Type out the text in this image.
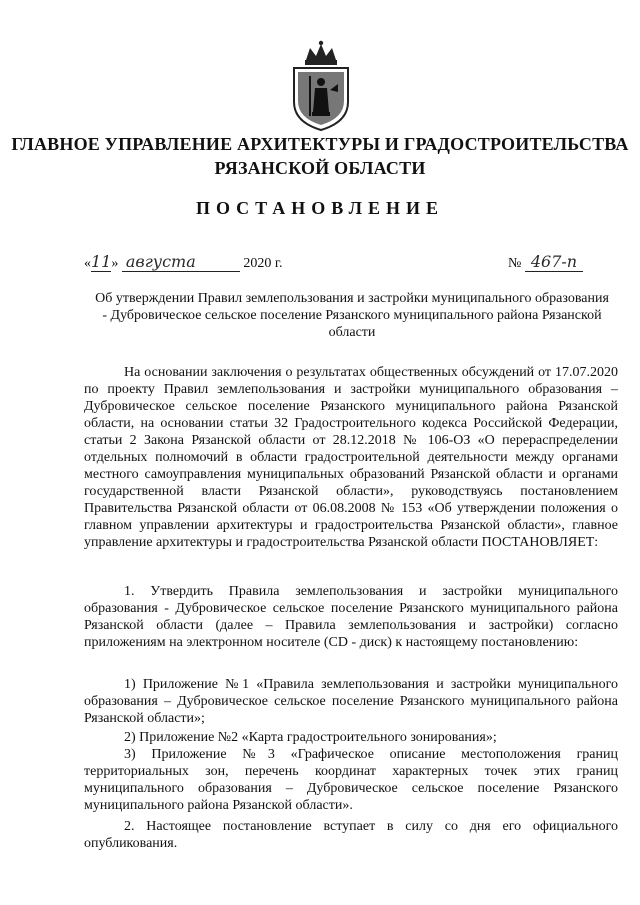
ГЛАВНОЕ УПРАВЛЕНИЕ АРХИТЕКТУРЫ И ГРАДОСТРОИТЕЛЬСТВА
РЯЗАНСКОЙ ОБЛАСТИ
ПОСТАНОВЛЕНИЕ
«11» августа	2020 г.	№ 467-п
Об утверждении Правил землепользования и застройки муниципального образования - Дубровическое сельское поселение Рязанского муниципального района Рязанской области

На основании заключения о результатах общественных обсуждений от 17.07.2020 по проекту Правил землепользования и застройки муниципального образования – Дубровическое сельское поселение Рязанского муниципального района Рязанской области, на основании статьи 32 Градостроительного кодекса Российской Федерации, статьи 2 Закона Рязанской области от 28.12.2018 № 106-ОЗ «О перераспределении отдельных полномочий в области градостроительной деятельности между органами местного самоуправления муниципальных образований Рязанской области и органами государственной власти Рязанской области», руководствуясь постановлением Правительства Рязанской области от 06.08.2008 № 153 «Об утверждении положения о главном управлении архитектуры и градостроительства Рязанской области», главное управление архитектуры и градостроительства Рязанской области ПОСТАНОВЛЯЕТ:

1. Утвердить Правила землепользования и застройки муниципального образования - Дубровическое сельское поселение Рязанского муниципального района Рязанской области (далее – Правила землепользования и застройки) согласно приложениям на электронном носителе (CD - диск) к настоящему постановлению:

1) Приложение №1 «Правила землепользования и застройки муниципального образования – Дубровическое сельское поселение Рязанского муниципального района Рязанской области»;

2) Приложение №2 «Карта градостроительного зонирования»;

3) Приложение №3 «Графическое описание местоположения границ территориальных зон, перечень координат характерных точек этих границ муниципального образования – Дубровическое сельское поселение Рязанского муниципального района Рязанской области».

2. Настоящее постановление вступает в силу со дня его официального опубликования.
